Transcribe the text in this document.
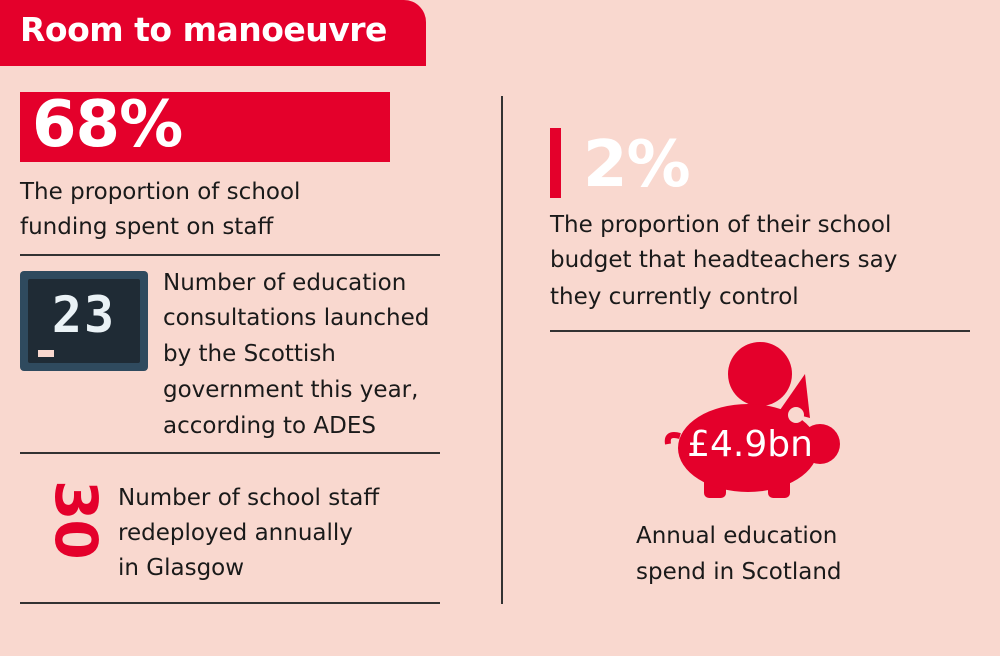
Room to manoeuvre
68%
The proportion of school
funding spent on staff
23
Number of education
consultations launched
by the Scottish
government this year,
according to ADES
30 Number of school staff
redeployed annually
in Glasgow
2%
The proportion of their school
budget that headteachers say
they currently control
£4.9bn
Annual education
spend in Scotland
